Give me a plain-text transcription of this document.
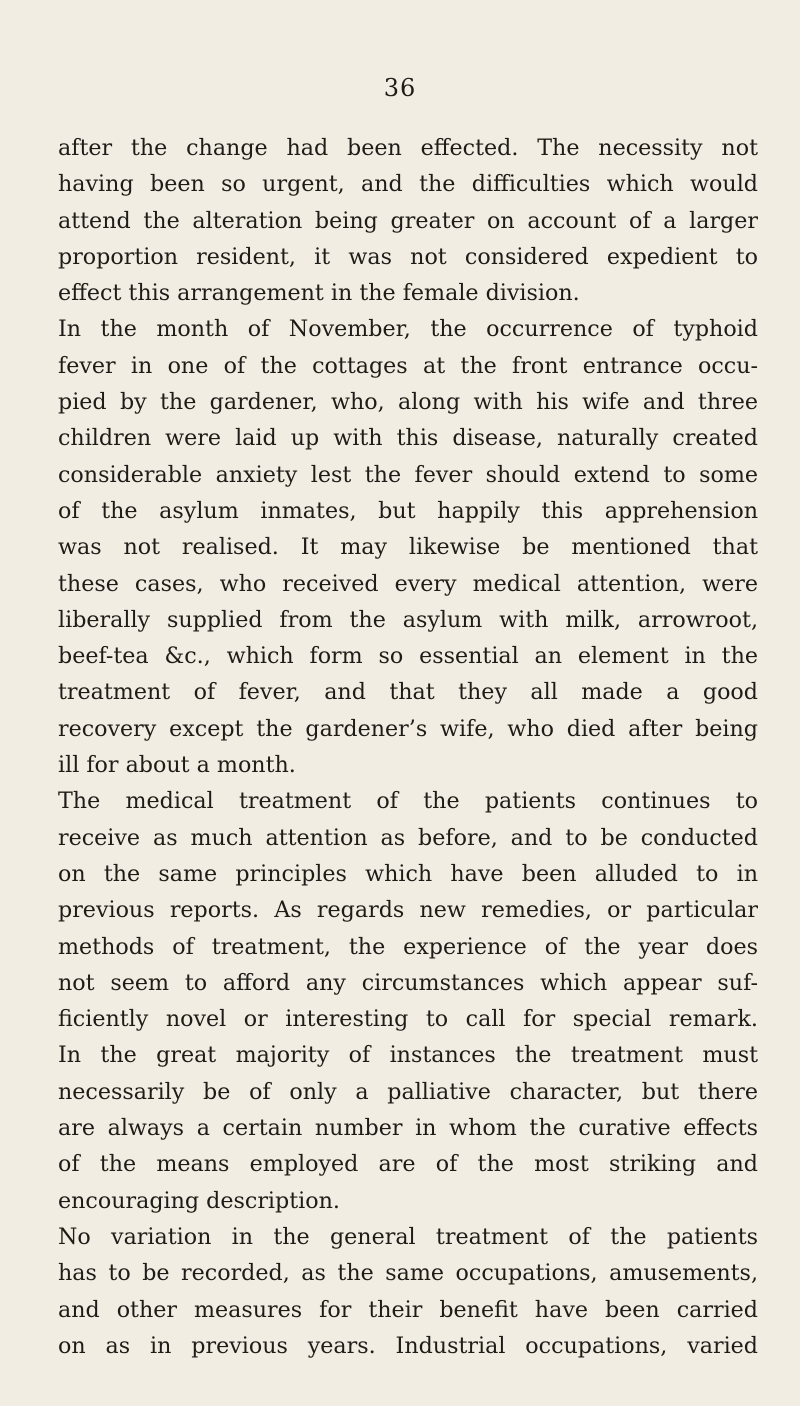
36
after the change had been effected. The necessity not
having been so urgent, and the difficulties which would
attend the alteration being greater on account of a larger
proportion resident, it was not considered expedient to
effect this arrangement in the female division.
In the month of November, the occurrence of typhoid
fever in one of the cottages at the front entrance occu-
pied by the gardener, who, along with his wife and three
children were laid up with this disease, naturally created
considerable anxiety lest the fever should extend to some
of the asylum inmates, but happily this apprehension
was not realised. It may likewise be mentioned that
these cases, who received every medical attention, were
liberally supplied from the asylum with milk, arrowroot,
beef-tea &c., which form so essential an element in the
treatment of fever, and that they all made a good
recovery except the gardener’s wife, who died after being
ill for about a month.
The medical treatment of the patients continues to
receive as much attention as before, and to be conducted
on the same principles which have been alluded to in
previous reports. As regards new remedies, or particular
methods of treatment, the experience of the year does
not seem to afford any circumstances which appear suf-
ficiently novel or interesting to call for special remark.
In the great majority of instances the treatment must
necessarily be of only a palliative character, but there
are always a certain number in whom the curative effects
of the means employed are of the most striking and
encouraging description.
No variation in the general treatment of the patients
has to be recorded, as the same occupations, amusements,
and other measures for their benefit have been carried
on as in previous years. Industrial occupations, varied
